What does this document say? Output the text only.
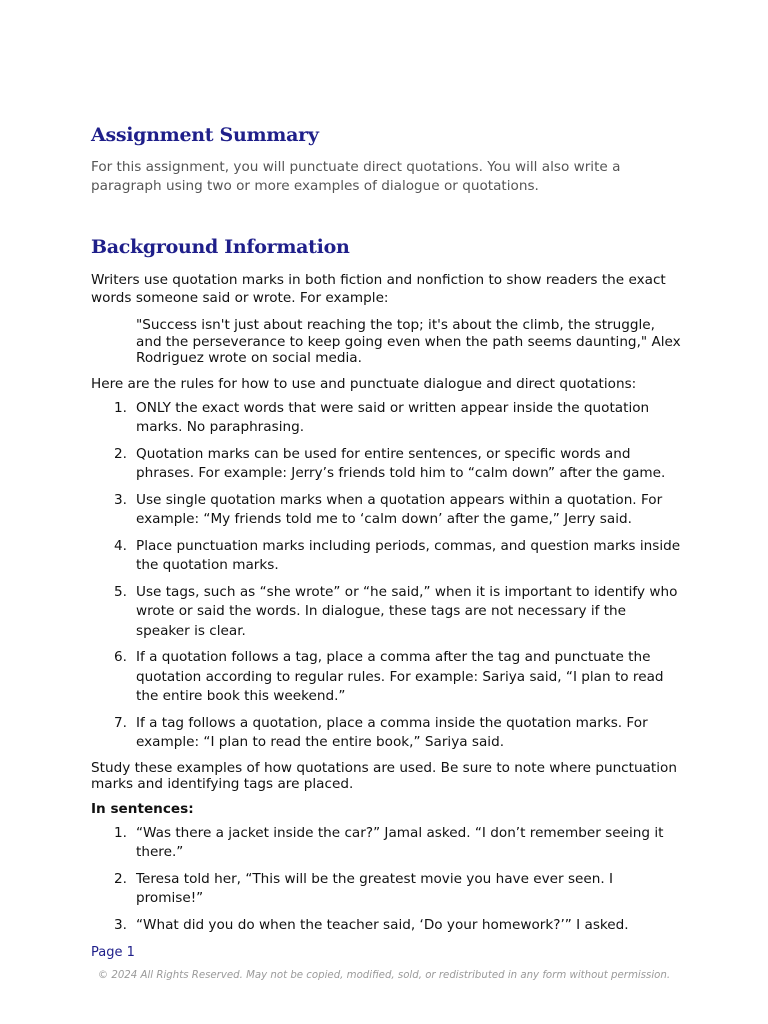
Assignment Summary

For this assignment, you will punctuate direct quotations. You will also write a paragraph using two or more examples of dialogue or quotations.

Background Information

Writers use quotation marks in both fiction and nonfiction to show readers the exact words someone said or wrote. For example:

"Success isn't just about reaching the top; it's about the climb, the struggle, and the perseverance to keep going even when the path seems daunting," Alex Rodriguez wrote on social media.

Here are the rules for how to use and punctuate dialogue and direct quotations:

1. ONLY the exact words that were said or written appear inside the quotation marks. No paraphrasing.
2. Quotation marks can be used for entire sentences, or specific words and phrases. For example: Jerry’s friends told him to “calm down” after the game.
3. Use single quotation marks when a quotation appears within a quotation. For example: “My friends told me to ‘calm down’ after the game,” Jerry said.
4. Place punctuation marks including periods, commas, and question marks inside the quotation marks.
5. Use tags, such as “she wrote” or “he said,” when it is important to identify who wrote or said the words. In dialogue, these tags are not necessary if the speaker is clear.
6. If a quotation follows a tag, place a comma after the tag and punctuate the quotation according to regular rules. For example: Sariya said, “I plan to read the entire book this weekend.”
7. If a tag follows a quotation, place a comma inside the quotation marks. For example: “I plan to read the entire book,” Sariya said.

Study these examples of how quotations are used. Be sure to note where punctuation marks and identifying tags are placed.

In sentences:

1. “Was there a jacket inside the car?” Jamal asked. “I don’t remember seeing it there.”
2. Teresa told her, “This will be the greatest movie you have ever seen. I promise!”
3. “What did you do when the teacher said, ‘Do your homework?’” I asked.
Page 1
© 2024 All Rights Reserved. May not be copied, modified, sold, or redistributed in any form without permission.
